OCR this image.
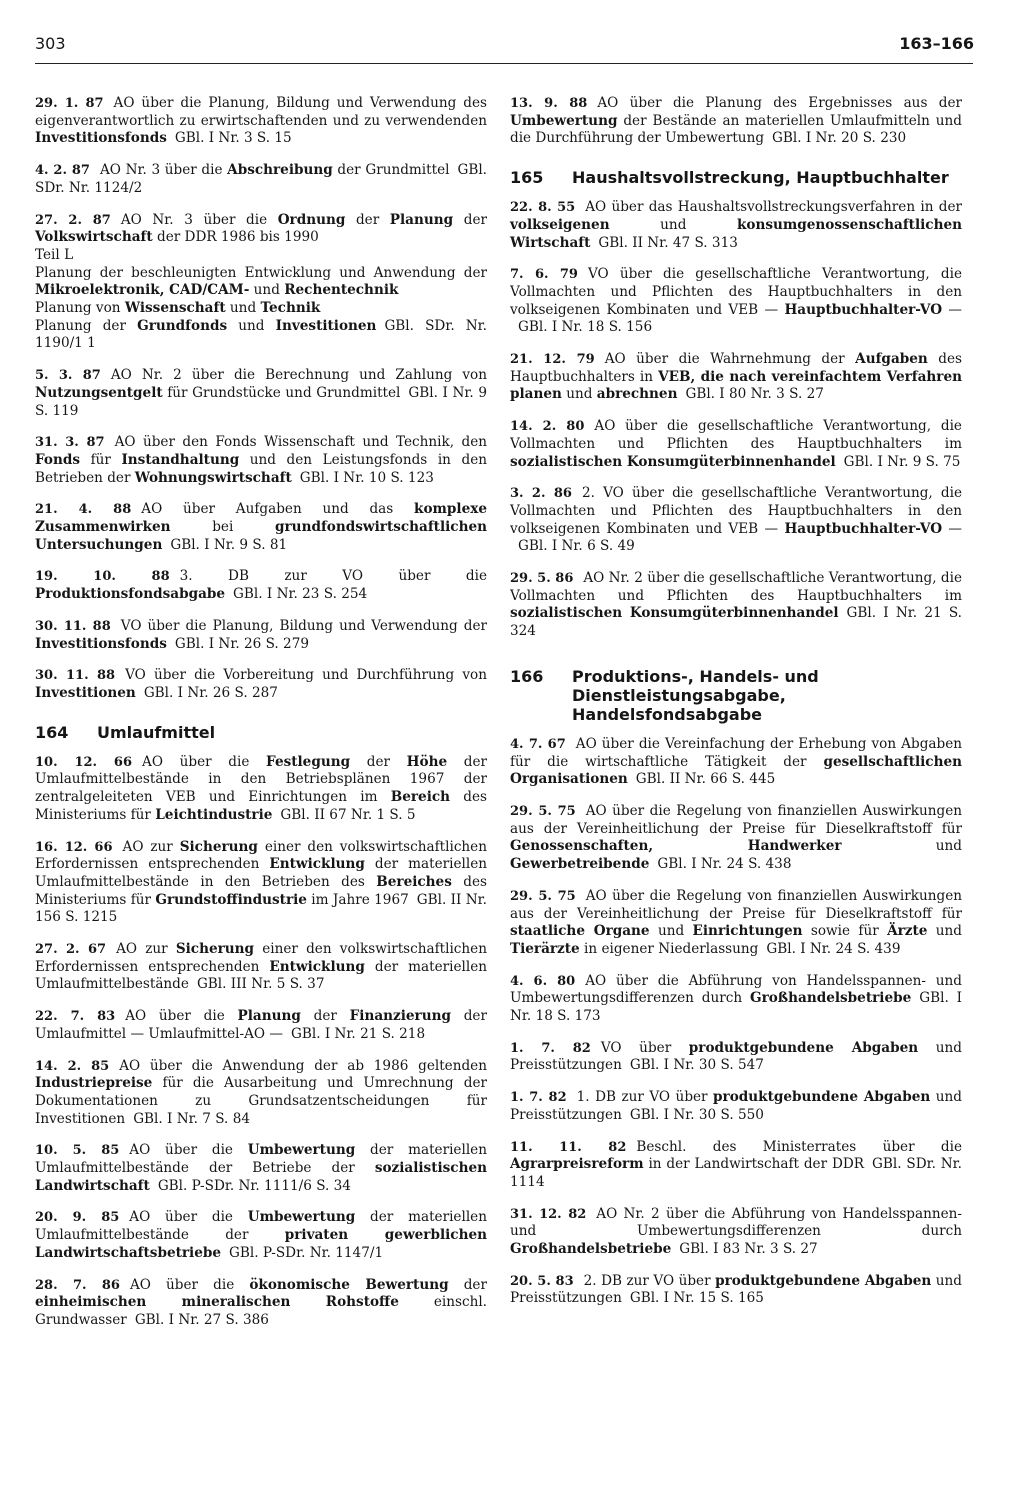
303	163–166

29. 1. 87 AO über die Planung, Bildung und Verwendung des eigenverantwortlich zu erwirtschaftenden und zu verwendenden Investitionsfonds GBl. I Nr. 3 S. 15

4. 2. 87 AO Nr. 3 über die Abschreibung der Grundmittel GBl. SDr. Nr. 1124/2

27. 2. 87 AO Nr. 3 über die Ordnung der Planung der Volkswirtschaft der DDR 1986 bis 1990
Teil L
Planung der beschleunigten Entwicklung und Anwendung der Mikroelektronik, CAD/CAM- und Rechentechnik
Planung von Wissenschaft und Technik
Planung der Grundfonds und Investitionen GBl. SDr. Nr. 1190/1 1

5. 3. 87 AO Nr. 2 über die Berechnung und Zahlung von Nutzungsentgelt für Grundstücke und Grundmittel GBl. I Nr. 9 S. 119

31. 3. 87 AO über den Fonds Wissenschaft und Technik, den Fonds für Instandhaltung und den Leistungsfonds in den Betrieben der Wohnungswirtschaft GBl. I Nr. 10 S. 123

21. 4. 88 AO über Aufgaben und das komplexe Zusammenwirken bei grundfondswirtschaftlichen Untersuchungen GBl. I Nr. 9 S. 81

19. 10. 88 3. DB zur VO über die Produktionsfondsabgabe GBl. I Nr. 23 S. 254

30. 11. 88 VO über die Planung, Bildung und Verwendung der Investitionsfonds GBl. I Nr. 26 S. 279

30. 11. 88 VO über die Vorbereitung und Durchführung von Investitionen GBl. I Nr. 26 S. 287

164	Umlaufmittel

10. 12. 66 AO über die Festlegung der Höhe der Umlaufmittelbestände in den Betriebsplänen 1967 der zentralgeleiteten VEB und Einrichtungen im Bereich des Ministeriums für Leichtindustrie GBl. II 67 Nr. 1 S. 5

16. 12. 66 AO zur Sicherung einer den volkswirtschaftlichen Erfordernissen entsprechenden Entwicklung der materiellen Umlaufmittelbestände in den Betrieben des Bereiches des Ministeriums für Grundstoffindustrie im Jahre 1967 GBl. II Nr. 156 S. 1215

27. 2. 67 AO zur Sicherung einer den volkswirtschaftlichen Erfordernissen entsprechenden Entwicklung der materiellen Umlaufmittelbestände GBl. III Nr. 5 S. 37

22. 7. 83 AO über die Planung der Finanzierung der Umlaufmittel — Umlaufmittel-AO — GBl. I Nr. 21 S. 218

14. 2. 85 AO über die Anwendung der ab 1986 geltenden Industriepreise für die Ausarbeitung und Umrechnung der Dokumentationen zu Grundsatzentscheidungen für Investitionen GBl. I Nr. 7 S. 84

10. 5. 85 AO über die Umbewertung der materiellen Umlaufmittelbestände der Betriebe der sozialistischen Landwirtschaft GBl. P-SDr. Nr. 1111/6 S. 34

20. 9. 85 AO über die Umbewertung der materiellen Umlaufmittelbestände der privaten gewerblichen Landwirtschaftsbetriebe GBl. P-SDr. Nr. 1147/1

28. 7. 86 AO über die ökonomische Bewertung der einheimischen mineralischen Rohstoffe einschl. Grundwasser GBl. I Nr. 27 S. 386

13. 9. 88 AO über die Planung des Ergebnisses aus der Umbewertung der Bestände an materiellen Umlaufmitteln und die Durchführung der Umbewertung GBl. I Nr. 20 S. 230

165	Haushaltsvollstreckung, Hauptbuchhalter

22. 8. 55 AO über das Haushaltsvollstreckungsverfahren in der volkseigenen und konsumgenossenschaftlichen Wirtschaft GBl. II Nr. 47 S. 313

7. 6. 79 VO über die gesellschaftliche Verantwortung, die Vollmachten und Pflichten des Hauptbuchhalters in den volkseigenen Kombinaten und VEB — Hauptbuchhalter-VO —GBl. I Nr. 18 S. 156

21. 12. 79 AO über die Wahrnehmung der Aufgaben des Hauptbuchhalters in VEB, die nach vereinfachtem Verfahren planen und abrechnen GBl. I 80 Nr. 3 S. 27

14. 2. 80 AO über die gesellschaftliche Verantwortung, die Vollmachten und Pflichten des Hauptbuchhalters im sozialistischen Konsumgüterbinnenhandel GBl. I Nr. 9 S. 75

3. 2. 86 2. VO über die gesellschaftliche Verantwortung, die Vollmachten und Pflichten des Hauptbuchhalters in den volkseigenen Kombinaten und VEB — Hauptbuchhalter-VO —GBl. I Nr. 6 S. 49

29. 5. 86 AO Nr. 2 über die gesellschaftliche Verantwortung, die Vollmachten und Pflichten des Hauptbuchhalters im sozialistischen Konsumgüterbinnenhandel GBl. I Nr. 21 S. 324

166	Produktions-, Handels- und Dienstleistungsabgabe, Handelsfondsabgabe

4. 7. 67 AO über die Vereinfachung der Erhebung von Abgaben für die wirtschaftliche Tätigkeit der gesellschaftlichen Organisationen GBl. II Nr. 66 S. 445

29. 5. 75 AO über die Regelung von finanziellen Auswirkungen aus der Vereinheitlichung der Preise für Dieselkraftstoff für Genossenschaften, Handwerker und Gewerbetreibende GBl. I Nr. 24 S. 438

29. 5. 75 AO über die Regelung von finanziellen Auswirkungen aus der Vereinheitlichung der Preise für Dieselkraftstoff für staatliche Organe und Einrichtungen sowie für Ärzte und Tierärzte in eigener Niederlassung GBl. I Nr. 24 S. 439

4. 6. 80 AO über die Abführung von Handelsspannen- und Umbewertungsdifferenzen durch Großhandelsbetriebe GBl. I Nr. 18 S. 173

1. 7. 82 VO über produktgebundene Abgaben und Preisstützungen GBl. I Nr. 30 S. 547

1. 7. 82 1. DB zur VO über produktgebundene Abgaben und Preisstützungen GBl. I Nr. 30 S. 550

11. 11. 82 Beschl. des Ministerrates über die Agrarpreisreform in der Landwirtschaft der DDR GBl. SDr. Nr. 1114

31. 12. 82 AO Nr. 2 über die Abführung von Handelsspannen- und Umbewertungsdifferenzen durch Großhandelsbetriebe GBl. I 83 Nr. 3 S. 27

20. 5. 83 2. DB zur VO über produktgebundene Abgaben und Preisstützungen GBl. I Nr. 15 S. 165
